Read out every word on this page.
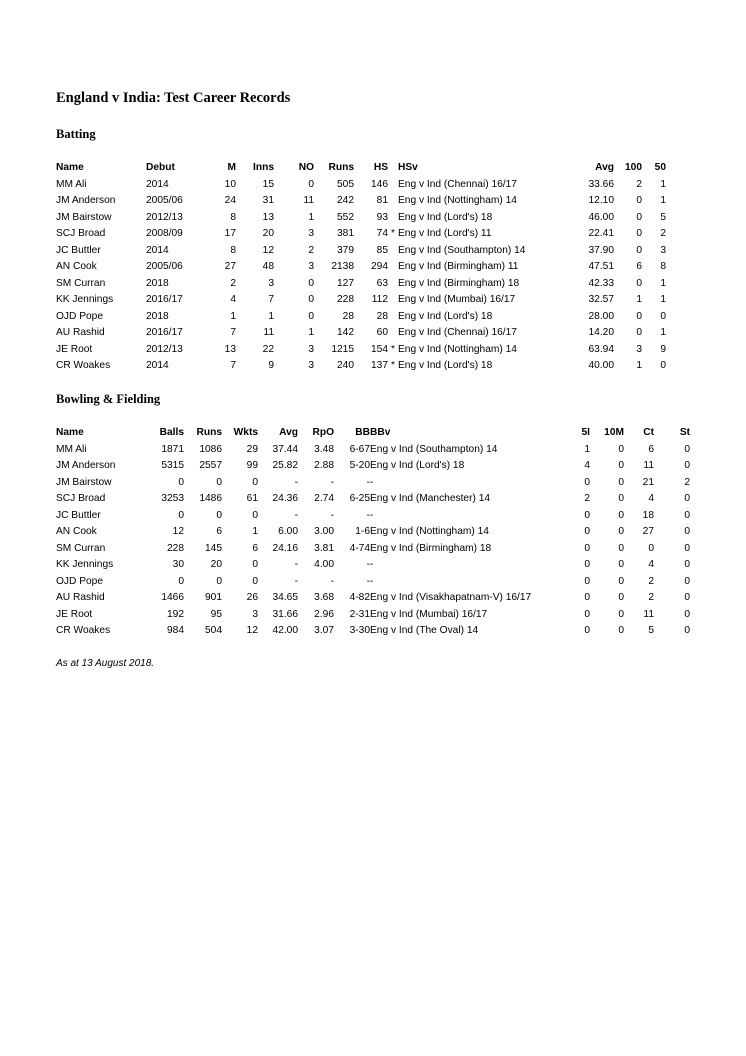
England v India: Test Career Records
Batting
Name	Debut	M	Inns	NO	Runs	HS		HSv	Avg	100	50
MM Ali	2014	10	15	0	505	146		Eng v Ind (Chennai) 16/17	33.66	2	1
JM Anderson	2005/06	24	31	11	242	81		Eng v Ind (Nottingham) 14	12.10	0	1
JM Bairstow	2012/13	8	13	1	552	93		Eng v Ind (Lord's) 18	46.00	0	5
SCJ Broad	2008/09	17	20	3	381	74	*	Eng v Ind (Lord's) 11	22.41	0	2
JC Buttler	2014	8	12	2	379	85		Eng v Ind (Southampton) 14	37.90	0	3
AN Cook	2005/06	27	48	3	2138	294		Eng v Ind (Birmingham) 11	47.51	6	8
SM Curran	2018	2	3	0	127	63		Eng v Ind (Birmingham) 18	42.33	0	1
KK Jennings	2016/17	4	7	0	228	112		Eng v Ind (Mumbai) 16/17	32.57	1	1
OJD Pope	2018	1	1	0	28	28		Eng v Ind (Lord's) 18	28.00	0	0
AU Rashid	2016/17	7	11	1	142	60		Eng v Ind (Chennai) 16/17	14.20	0	1
JE Root	2012/13	13	22	3	1215	154	*	Eng v Ind (Nottingham) 14	63.94	3	9
CR Woakes	2014	7	9	3	240	137	*	Eng v Ind (Lord's) 18	40.00	1	0
Bowling & Fielding
Name	Balls	Runs	Wkts	Avg	RpO	BB	BBv	5I	10M	Ct	St
MM Ali	1871	1086	29	37.44	3.48	6-67	Eng v Ind (Southampton) 14	1	0	6	0
JM Anderson	5315	2557	99	25.82	2.88	5-20	Eng v Ind (Lord's) 18	4	0	11	0
JM Bairstow	0	0	0	-	-	-	-	0	0	21	2
SCJ Broad	3253	1486	61	24.36	2.74	6-25	Eng v Ind (Manchester) 14	2	0	4	0
JC Buttler	0	0	0	-	-	-	-	0	0	18	0
AN Cook	12	6	1	6.00	3.00	1-6	Eng v Ind (Nottingham) 14	0	0	27	0
SM Curran	228	145	6	24.16	3.81	4-74	Eng v Ind (Birmingham) 18	0	0	0	0
KK Jennings	30	20	0	-	4.00	-	-	0	0	4	0
OJD Pope	0	0	0	-	-	-	-	0	0	2	0
AU Rashid	1466	901	26	34.65	3.68	4-82	Eng v Ind (Visakhapatnam-V) 16/17	0	0	2	0
JE Root	192	95	3	31.66	2.96	2-31	Eng v Ind (Mumbai) 16/17	0	0	11	0
CR Woakes	984	504	12	42.00	3.07	3-30	Eng v Ind (The Oval) 14	0	0	5	0

As at 13 August 2018.
